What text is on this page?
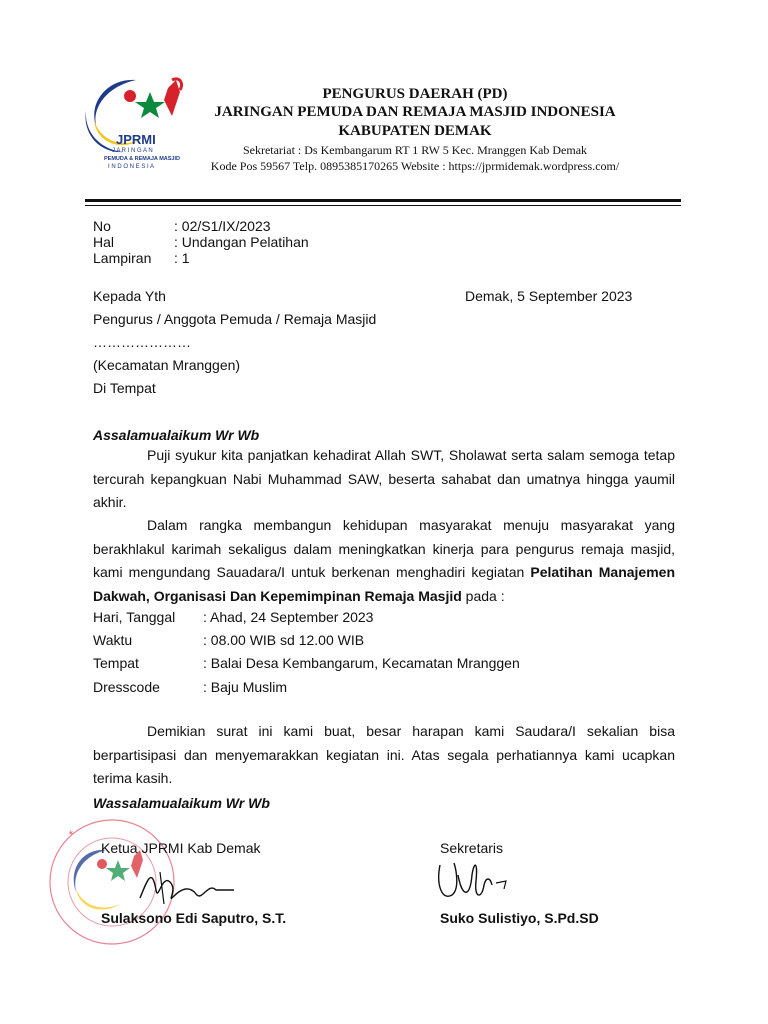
JPRMI
J A R I N G A N
PEMUDA & REMAJA MASJID
I N D O N E S I A
PENGURUS DAERAH (PD)
JARINGAN PEMUDA DAN REMAJA MASJID INDONESIA
KABUPATEN DEMAK
Sekretariat : Ds Kembangarum RT 1 RW 5 Kec. Mranggen Kab Demak
Kode Pos 59567 Telp. 0895385170265 Website : https://jprmidemak.wordpress.com/
No	: 02/S1/IX/2023
Hal	: Undangan Pelatihan
Lampiran : 1
Kepada Yth	Demak, 5 September 2023
Pengurus / Anggota Pemuda / Remaja Masjid
…………………
(Kecamatan Mranggen)
Di Tempat
Assalamualaikum Wr Wb
Puji syukur kita panjatkan kehadirat Allah SWT, Sholawat serta salam semoga tetap tercurah kepangkuan Nabi Muhammad SAW, beserta sahabat dan umatnya hingga yaumil akhir.
Dalam rangka membangun kehidupan masyarakat menuju masyarakat yang berakhlakul karimah sekaligus dalam meningkatkan kinerja para pengurus remaja masjid, kami mengundang Sauadara/I untuk berkenan menghadiri kegiatan Pelatihan Manajemen Dakwah, Organisasi Dan Kepemimpinan Remaja Masjid pada :
Hari, Tanggal : Ahad, 24 September 2023
Waktu	: 08.00 WIB sd 12.00 WIB
Tempat	: Balai Desa Kembangarum, Kecamatan Mranggen
Dresscode	: Baju Muslim
Demikian surat ini kami buat, besar harapan kami Saudara/I sekalian bisa berpartisipasi dan menyemarakkan kegiatan ini. Atas segala perhatiannya kami ucapkan terima kasih.
Wassalamualaikum Wr Wb
✶
Ketua JPRMI Kab Demak	Sekretaris
Sulaksono Edi Saputro, S.T.	Suko Sulistiyo, S.Pd.SD
